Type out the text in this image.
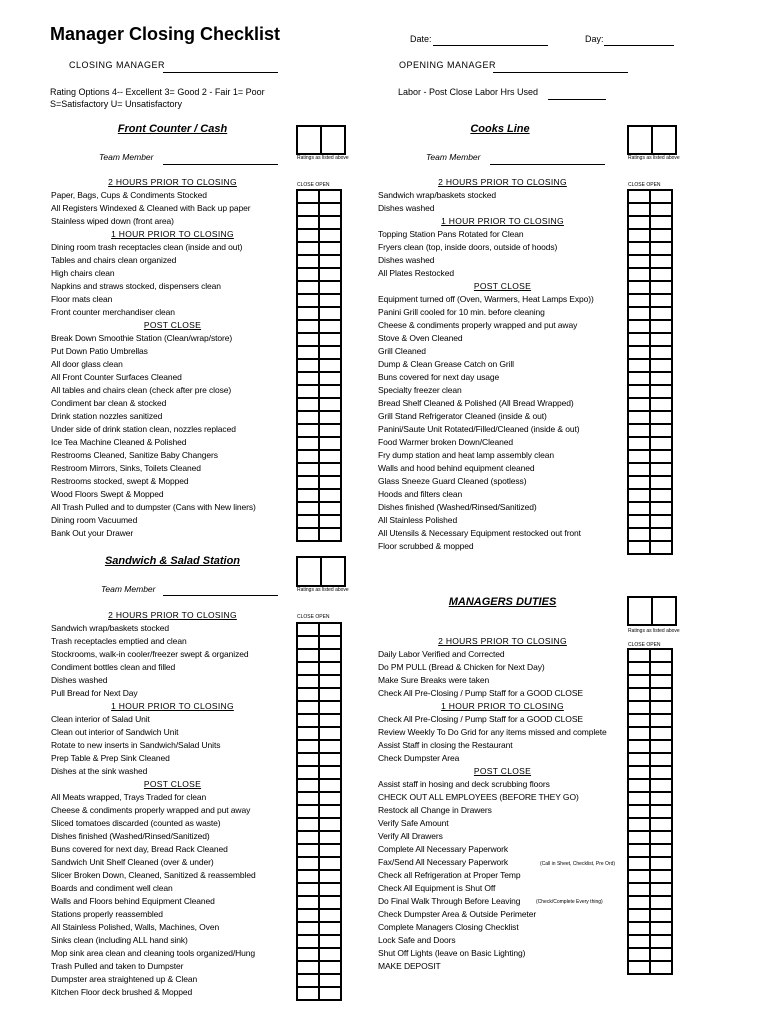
Manager Closing Checklist	Date:	Day:
CLOSING MANAGER	OPENING MANAGER
Rating Options 4-- Excellent 3= Good 2 - Fair 1= Poor
S=Satisfactory U= Unsatisfactory
Labor - Post Close Labor Hrs Used
Front Counter / Cash
Team Member	Ratings as listed above
CLOSE OPEN
2 HOURS PRIOR TO CLOSING
Paper, Bags, Cups & Condiments Stocked
All Registers Windexed & Cleaned with Back up paper
Stainless wiped down (front area)
1 HOUR PRIOR TO CLOSING
Dining room trash receptacles clean (inside and out)
Tables and chairs clean organized
High chairs clean
Napkins and straws stocked, dispensers clean
Floor mats clean
Front counter merchandiser clean
POST CLOSE
Break Down Smoothie Station (Clean/wrap/store)
Put Down Patio Umbrellas
All door glass clean
All Front Counter Surfaces Cleaned
All tables and chairs clean (check after pre close)
Condiment bar clean & stocked
Drink station nozzles sanitized
Under side of drink station clean, nozzles replaced
Ice Tea Machine Cleaned & Polished
Restrooms Cleaned, Sanitize Baby Changers
Restroom Mirrors, Sinks, Toilets Cleaned
Restrooms stocked, swept & Mopped
Wood Floors Swept & Mopped
All Trash Pulled and to dumpster (Cans with New liners)
Dining room Vacuumed
Bank Out your Drawer

Sandwich & Salad Station
Team Member	Ratings as listed above
CLOSE OPEN
2 HOURS PRIOR TO CLOSING
Sandwich wrap/baskets stocked
Trash receptacles emptied and clean
Stockrooms, walk-in cooler/freezer swept & organized
Condiment bottles clean and filled
Dishes washed
Pull Bread for Next Day
1 HOUR PRIOR TO CLOSING
Clean interior of Salad Unit
Clean out interior of Sandwich Unit
Rotate to new inserts in Sandwich/Salad Units
Prep Table & Prep Sink Cleaned
Dishes at the sink washed
POST CLOSE
All Meats wrapped, Trays Traded for clean
Cheese & condiments properly wrapped and put away
Sliced tomatoes discarded (counted as waste)
Dishes finished (Washed/Rinsed/Sanitized)
Buns covered for next day, Bread Rack Cleaned
Sandwich Unit Shelf Cleaned (over & under)
Slicer Broken Down, Cleaned, Sanitized & reassembled
Boards and condiment well clean
Walls and Floors behind Equipment Cleaned
Stations properly reassembled
All Stainless Polished, Walls, Machines, Oven
Sinks clean (including ALL hand sink)
Mop sink area clean and cleaning tools organized/Hung
Trash Pulled and taken to Dumpster
Dumpster area straightened up & Clean
Kitchen Floor deck brushed & Mopped

Cooks Line
Team Member	Ratings as listed above
CLOSE OPEN
2 HOURS PRIOR TO CLOSING
Sandwich wrap/baskets stocked
Dishes washed
1 HOUR PRIOR TO CLOSING
Topping Station Pans Rotated for Clean
Fryers clean (top, inside doors, outside of hoods)
Dishes washed
All Plates Restocked
POST CLOSE
Equipment turned off (Oven, Warmers, Heat Lamps Expo))
Panini Grill cooled for 10 min. before cleaning
Cheese & condiments properly wrapped and put away
Stove & Oven Cleaned
Grill Cleaned
Dump & Clean Grease Catch on Grill
Buns covered for next day usage
Specialty freezer clean
Bread Shelf Cleaned & Polished (All Bread Wrapped)
Grill Stand Refrigerator Cleaned (inside & out)
Panini/Saute Unit Rotated/Filled/Cleaned (inside & out)
Food Warmer broken Down/Cleaned
Fry dump station and heat lamp assembly clean
Walls and hood behind equipment cleaned
Glass Sneeze Guard Cleaned (spotless)
Hoods and filters clean
Dishes finished (Washed/Rinsed/Sanitized)
All Stainless Polished
All Utensils & Necessary Equipment restocked out front
Floor scrubbed & mopped

MANAGERS DUTIES
Ratings as listed above
CLOSE OPEN
2 HOURS PRIOR TO CLOSING
Daily Labor Verified and Corrected
Do PM PULL (Bread & Chicken for Next Day)
Make Sure Breaks were taken
Check All Pre-Closing / Pump Staff for a GOOD CLOSE
1 HOUR PRIOR TO CLOSING
Check All Pre-Closing / Pump Staff for a GOOD CLOSE
Review Weekly To Do Grid for any items missed and complete
Assist Staff in closing the Restaurant
Check Dumpster Area
POST CLOSE
Assist staff in hosing and deck scrubbing floors
CHECK OUT ALL EMPLOYEES (BEFORE THEY GO)
Restock all Change in Drawers
Verify Safe Amount
Verify All Drawers
Complete All Necessary Paperwork
Fax/Send All Necessary Paperwork
Check all Refrigeration at Proper Temp
Check All Equipment is Shut Off
Do Final Walk Through Before Leaving
Check Dumpster Area & Outside Perimeter
Complete Managers Closing Checklist
Lock Safe and Doors
Shut Off Lights (leave on Basic Lighting)
MAKE DEPOSIT

(Call in Sheet, Checklist, Pre Ord)
(Check/Complete Every thing)
